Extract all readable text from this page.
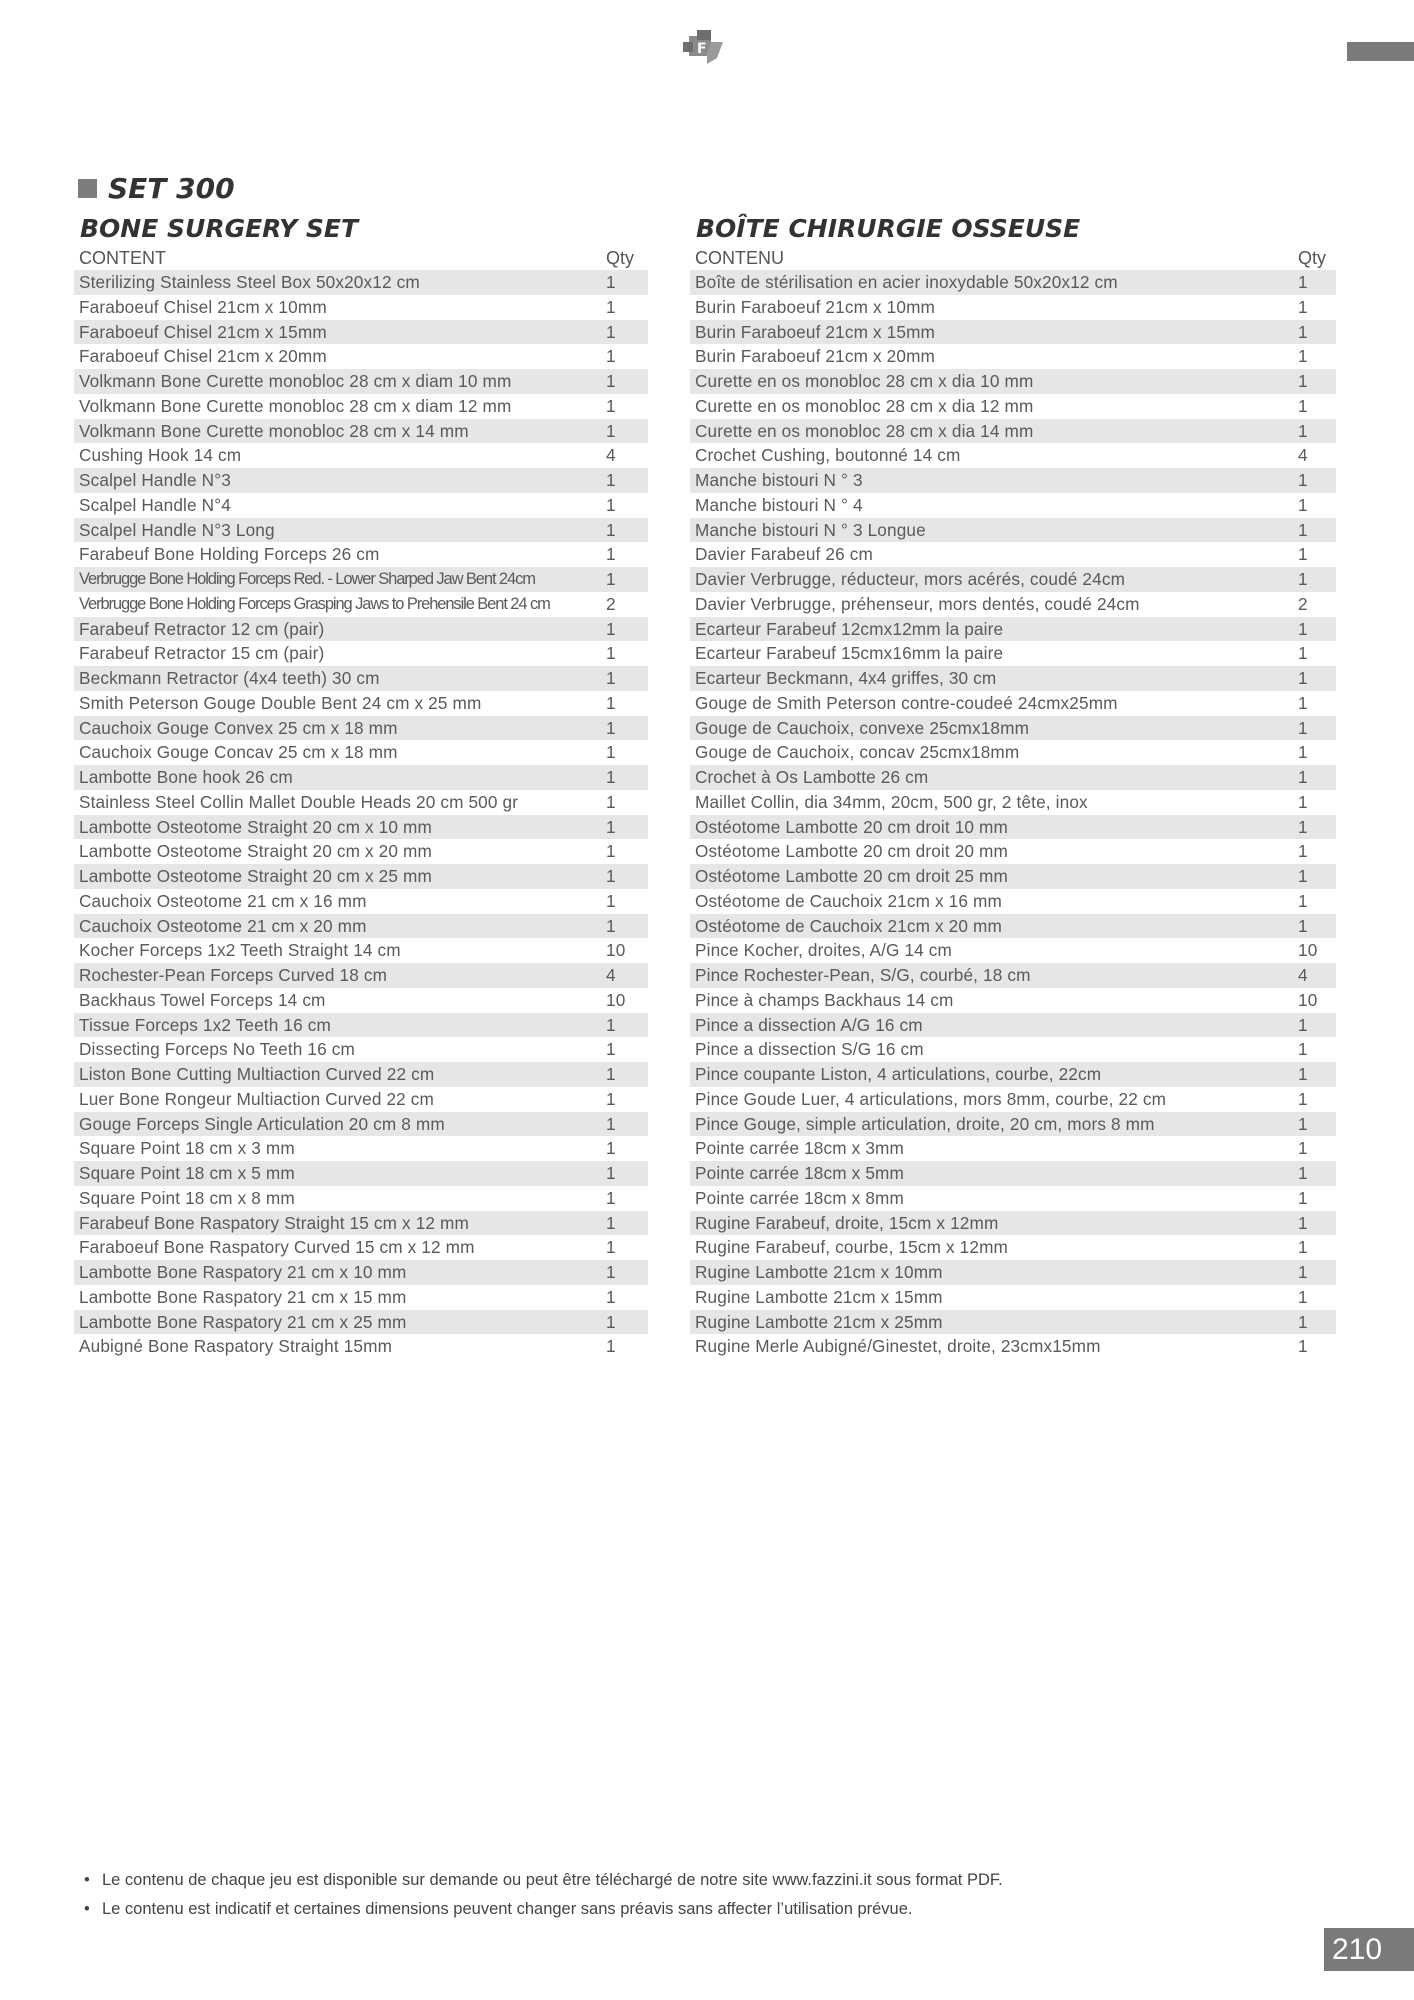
F
SET 300
BONE SURGERY SET
CONTENT	Qty
Sterilizing Stainless Steel Box 50x20x12 cm	1
Faraboeuf Chisel 21cm x 10mm	1
Faraboeuf Chisel 21cm x 15mm	1
Faraboeuf Chisel 21cm x 20mm	1
Volkmann Bone Curette monobloc 28 cm x diam 10 mm	1
Volkmann Bone Curette monobloc 28 cm x diam 12 mm	1
Volkmann Bone Curette monobloc 28 cm x 14 mm	1
Cushing Hook 14 cm	4
Scalpel Handle N°3	1
Scalpel Handle N°4	1
Scalpel Handle N°3 Long	1
Farabeuf Bone Holding Forceps 26 cm	1
Verbrugge Bone Holding Forceps Red. - Lower Sharped Jaw Bent 24cm	1
Verbrugge Bone Holding Forceps Grasping Jaws to Prehensile Bent 24 cm	2
Farabeuf Retractor 12 cm (pair)	1
Farabeuf Retractor 15 cm (pair)	1
Beckmann Retractor (4x4 teeth) 30 cm	1
Smith Peterson Gouge Double Bent 24 cm x 25 mm	1
Cauchoix Gouge Convex 25 cm x 18 mm	1
Cauchoix Gouge Concav 25 cm x 18 mm	1
Lambotte Bone hook 26 cm	1
Stainless Steel Collin Mallet Double Heads 20 cm 500 gr	1
Lambotte Osteotome Straight 20 cm x 10 mm	1
Lambotte Osteotome Straight 20 cm x 20 mm	1
Lambotte Osteotome Straight 20 cm x 25 mm	1
Cauchoix Osteotome 21 cm x 16 mm	1
Cauchoix Osteotome 21 cm x 20 mm	1
Kocher Forceps 1x2 Teeth Straight 14 cm	10
Rochester-Pean Forceps Curved 18 cm	4
Backhaus Towel Forceps 14 cm	10
Tissue Forceps 1x2 Teeth 16 cm	1
Dissecting Forceps No Teeth 16 cm	1
Liston Bone Cutting Multiaction Curved 22 cm	1
Luer Bone Rongeur Multiaction Curved 22 cm	1
Gouge Forceps Single Articulation 20 cm 8 mm	1
Square Point 18 cm x 3 mm	1
Square Point 18 cm x 5 mm	1
Square Point 18 cm x 8 mm	1
Farabeuf Bone Raspatory Straight 15 cm x 12 mm	1
Faraboeuf Bone Raspatory Curved 15 cm x 12 mm	1
Lambotte Bone Raspatory 21 cm x 10 mm	1
Lambotte Bone Raspatory 21 cm x 15 mm	1
Lambotte Bone Raspatory 21 cm x 25 mm	1
Aubigné Bone Raspatory Straight 15mm	1
BOÎTE CHIRURGIE OSSEUSE
CONTENU	Qty
Boîte de stérilisation en acier inoxydable 50x20x12 cm	1
Burin Faraboeuf 21cm x 10mm	1
Burin Faraboeuf 21cm x 15mm	1
Burin Faraboeuf 21cm x 20mm	1
Curette en os monobloc 28 cm x dia 10 mm	1
Curette en os monobloc 28 cm x dia 12 mm	1
Curette en os monobloc 28 cm x dia 14 mm	1
Crochet Cushing, boutonné 14 cm	4
Manche bistouri N ° 3	1
Manche bistouri N ° 4	1
Manche bistouri N ° 3 Longue	1
Davier Farabeuf 26 cm	1
Davier Verbrugge, réducteur, mors acérés, coudé 24cm	1
Davier Verbrugge, préhenseur, mors dentés, coudé 24cm	2
Ecarteur Farabeuf 12cmx12mm la paire	1
Ecarteur Farabeuf 15cmx16mm la paire	1
Ecarteur Beckmann, 4x4 griffes, 30 cm	1
Gouge de Smith Peterson contre-coudeé 24cmx25mm	1
Gouge de Cauchoix, convexe 25cmx18mm	1
Gouge de Cauchoix, concav 25cmx18mm	1
Crochet à Os Lambotte 26 cm	1
Maillet Collin, dia 34mm, 20cm, 500 gr, 2 tête, inox	1
Ostéotome Lambotte 20 cm droit 10 mm	1
Ostéotome Lambotte 20 cm droit 20 mm	1
Ostéotome Lambotte 20 cm droit 25 mm	1
Ostéotome de Cauchoix 21cm x 16 mm	1
Ostéotome de Cauchoix 21cm x 20 mm	1
Pince Kocher, droites, A/G 14 cm	10
Pince Rochester-Pean, S/G, courbé, 18 cm	4
Pince à champs Backhaus 14 cm	10
Pince a dissection A/G 16 cm	1
Pince a dissection S/G 16 cm	1
Pince coupante Liston, 4 articulations, courbe, 22cm	1
Pince Goude Luer, 4 articulations, mors 8mm, courbe, 22 cm	1
Pince Gouge, simple articulation, droite, 20 cm, mors 8 mm	1
Pointe carrée 18cm x 3mm	1
Pointe carrée 18cm x 5mm	1
Pointe carrée 18cm x 8mm	1
Rugine Farabeuf, droite, 15cm x 12mm	1
Rugine Farabeuf, courbe, 15cm x 12mm	1
Rugine Lambotte 21cm x 10mm	1
Rugine Lambotte 21cm x 15mm	1
Rugine Lambotte 21cm x 25mm	1
Rugine Merle Aubigné/Ginestet, droite, 23cmx15mm	1
• Le contenu de chaque jeu est disponible sur demande ou peut être téléchargé de notre site www.fazzini.it sous format PDF.
• Le contenu est indicatif et certaines dimensions peuvent changer sans préavis sans affecter l’utilisation prévue.
210
